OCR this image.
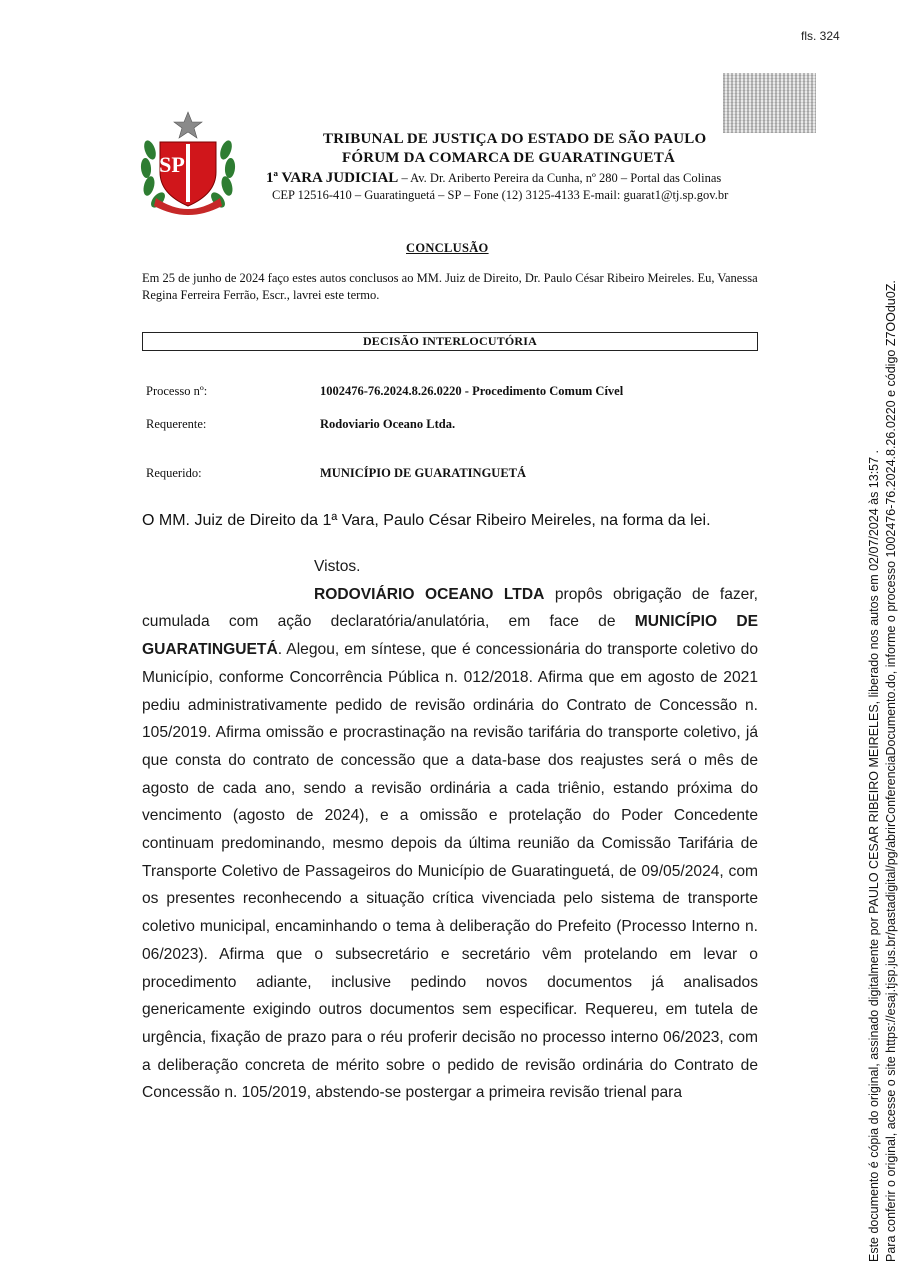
fls. 324
SP
TRIBUNAL DE JUSTIÇA DO ESTADO DE SÃO PAULO
FÓRUM DA COMARCA DE GUARATINGUETÁ
1ª VARA JUDICIAL – Av. Dr. Ariberto Pereira da Cunha, nº 280 – Portal das Colinas
CEP 12516-410 – Guaratinguetá – SP – Fone (12) 3125-4133 E-mail: guarat1@tj.sp.gov.br
CONCLUSÃO
Em 25 de junho de 2024 faço estes autos conclusos ao MM. Juiz de Direito, Dr. Paulo César Ribeiro Meireles. Eu, Vanessa Regina Ferreira Ferrão, Escr., lavrei este termo.
DECISÃO INTERLOCUTÓRIA
Processo nº:	1002476-76.2024.8.26.0220 - Procedimento Comum Cível
Requerente:	Rodoviario Oceano Ltda.
Requerido:	MUNICÍPIO DE GUARATINGUETÁ
O MM. Juiz de Direito da 1ª Vara, Paulo César Ribeiro Meireles, na forma da lei.

Vistos.

RODOVIÁRIO OCEANO LTDA propôs obrigação de fazer, cumulada com ação declaratória/anulatória, em face de MUNICÍPIO DE GUARATINGUETÁ. Alegou, em síntese, que é concessionária do transporte coletivo do Município, conforme Concorrência Pública n. 012/2018. Afirma que em agosto de 2021 pediu administrativamente pedido de revisão ordinária do Contrato de Concessão n. 105/2019. Afirma omissão e procrastinação na revisão tarifária do transporte coletivo, já que consta do contrato de concessão que a data-base dos reajustes será o mês de agosto de cada ano, sendo a revisão ordinária a cada triênio, estando próxima do vencimento (agosto de 2024), e a omissão e protelação do Poder Concedente continuam predominando, mesmo depois da última reunião da Comissão Tarifária de Transporte Coletivo de Passageiros do Município de Guaratinguetá, de 09/05/2024, com os presentes reconhecendo a situação crítica vivenciada pelo sistema de transporte coletivo municipal, encaminhando o tema à deliberação do Prefeito (Processo Interno n. 06/2023). Afirma que o subsecretário e secretário vêm protelando em levar o procedimento adiante, inclusive pedindo novos documentos já analisados genericamente exigindo outros documentos sem especificar. Requereu, em tutela de urgência, fixação de prazo para o réu proferir decisão no processo interno 06/2023, com a deliberação concreta de mérito sobre o pedido de revisão ordinária do Contrato de Concessão n. 105/2019, abstendo-se postergar a primeira revisão trienal para	Este documento é cópia do original, assinado digitalmente por PAULO CESAR RIBEIRO MEIRELES, liberado nos autos em 02/07/2024 às 13:57 . Para conferir o original, acesse o site https://esaj.tjsp.jus.br/pastadigital/pg/abrirConferenciaDocumento.do, informe o processo 1002476-76.2024.8.26.0220 e código Z7OOdu0Z.
